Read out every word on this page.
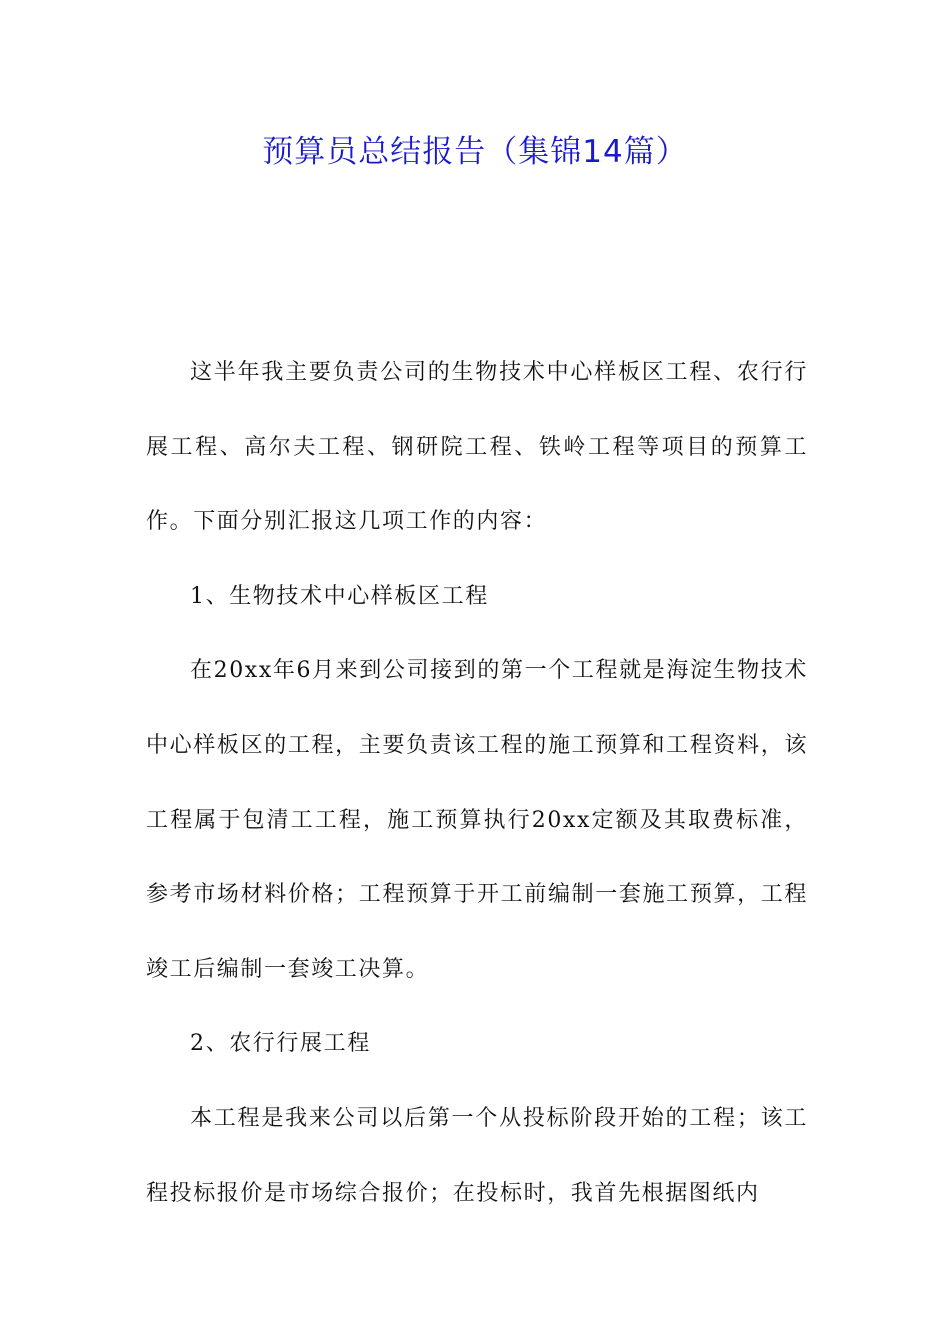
预算员总结报告（集锦14篇）

这半年我主要负责公司的生物技术中心样板区工程、农行行展工程、高尔夫工程、钢研院工程、铁岭工程等项目的预算工作。下面分别汇报这几项工作的内容：

1、生物技术中心样板区工程

在20xx年6月来到公司接到的第一个工程就是海淀生物技术中心样板区的工程，主要负责该工程的施工预算和工程资料，该工程属于包清工工程，施工预算执行20xx定额及其取费标准，参考市场材料价格；工程预算于开工前编制一套施工预算，工程竣工后编制一套竣工决算。

2、农行行展工程

本工程是我来公司以后第一个从投标阶段开始的工程；该工程投标报价是市场综合报价；在投标时，我首先根据图纸内
